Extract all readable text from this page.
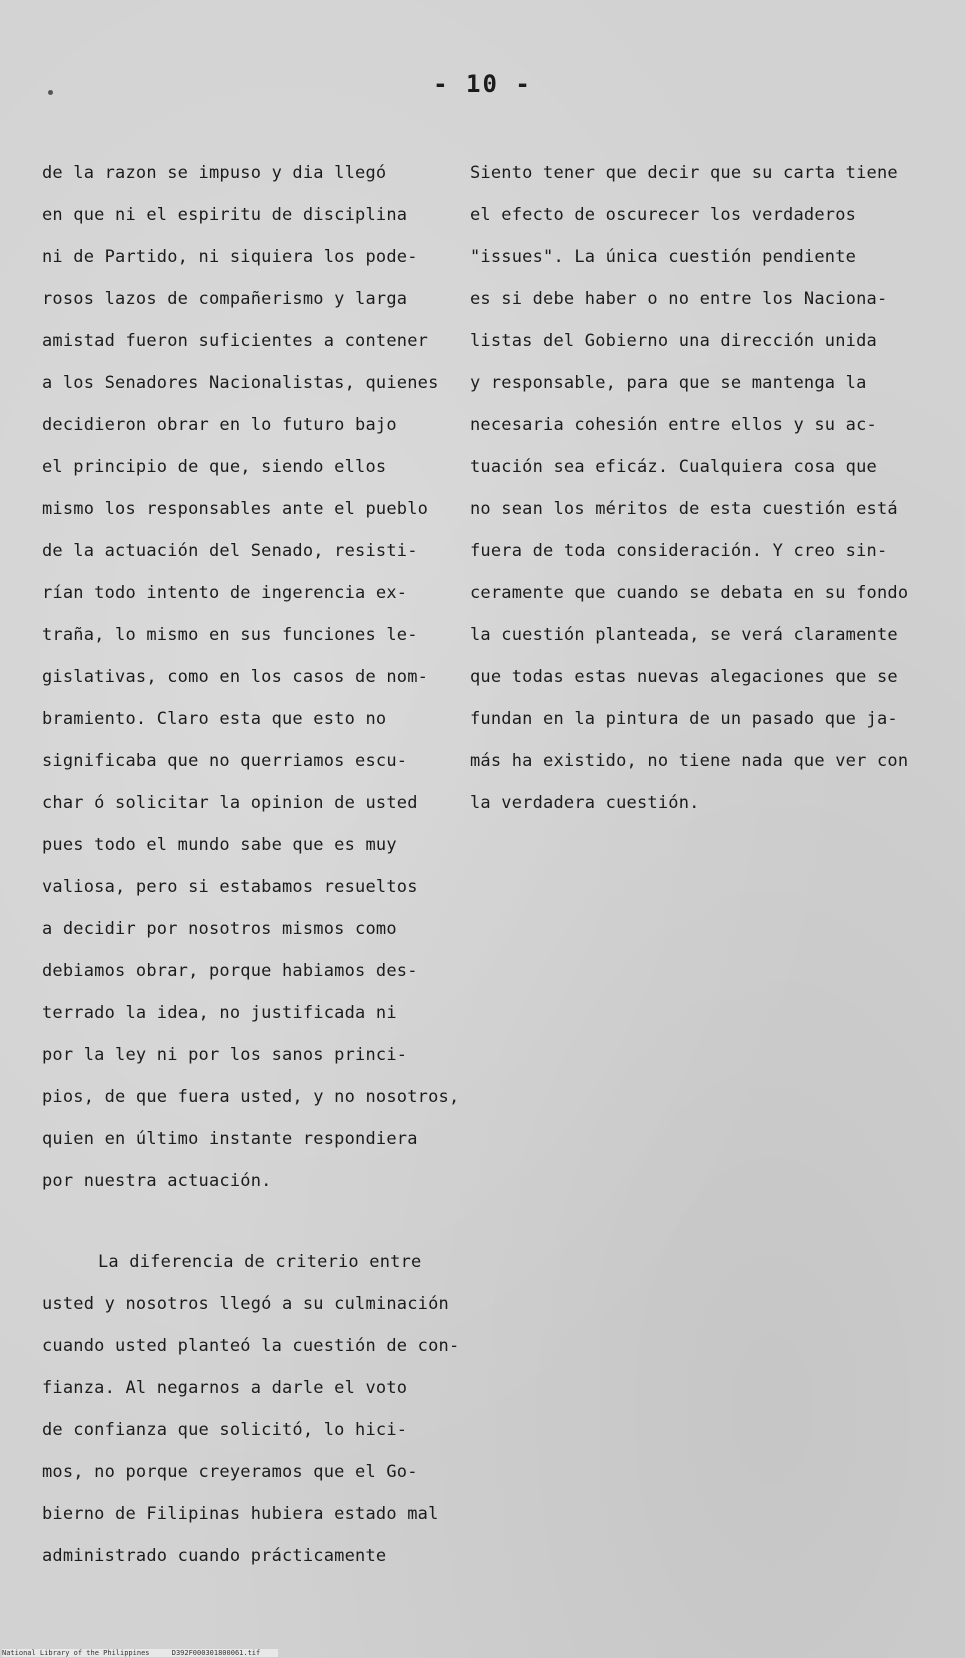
- 10 -
de la razon se impuso y dia llegó
en que ni el espiritu de disciplina
ni de Partido, ni siquiera los pode-
rosos lazos de compañerismo y larga
amistad fueron suficientes a contener
a los Senadores Nacionalistas, quienes
decidieron obrar en lo futuro bajo
el principio de que, siendo ellos
mismo los responsables ante el pueblo
de la actuación del Senado, resisti-
rían todo intento de ingerencia ex-
traña, lo mismo en sus funciones le-
gislativas, como en los casos de nom-
bramiento. Claro esta que esto no
significaba que no querriamos escu-
char ó solicitar la opinion de usted
pues todo el mundo sabe que es muy
valiosa, pero si estabamos resueltos
a decidir por nosotros mismos como
debiamos obrar, porque habiamos des-
terrado la idea, no justificada ni
por la ley ni por los sanos princi-
pios, de que fuera usted, y no nosotros,
quien en último instante respondiera
por nuestra actuación.
La diferencia de criterio entre
usted y nosotros llegó a su culminación
cuando usted planteó la cuestión de con-
fianza. Al negarnos a darle el voto
de confianza que solicitó, lo hici-
mos, no porque creyeramos que el Go-
bierno de Filipinas hubiera estado mal
administrado cuando prácticamente
Siento tener que decir que su carta tiene
el efecto de oscurecer los verdaderos
"issues". La única cuestión pendiente
es si debe haber o no entre los Naciona-
listas del Gobierno una dirección unida
y responsable, para que se mantenga la
necesaria cohesión entre ellos y su ac-
tuación sea eficáz. Cualquiera cosa que
no sean los méritos de esta cuestión está
fuera de toda consideración. Y creo sin-
ceramente que cuando se debata en su fondo
la cuestión planteada, se verá claramente
que todas estas nuevas alegaciones que se
fundan en la pintura de un pasado que ja-
más ha existido, no tiene nada que ver con
la verdadera cuestión.
National Library of the Philippines	D392F000301800061.tif
